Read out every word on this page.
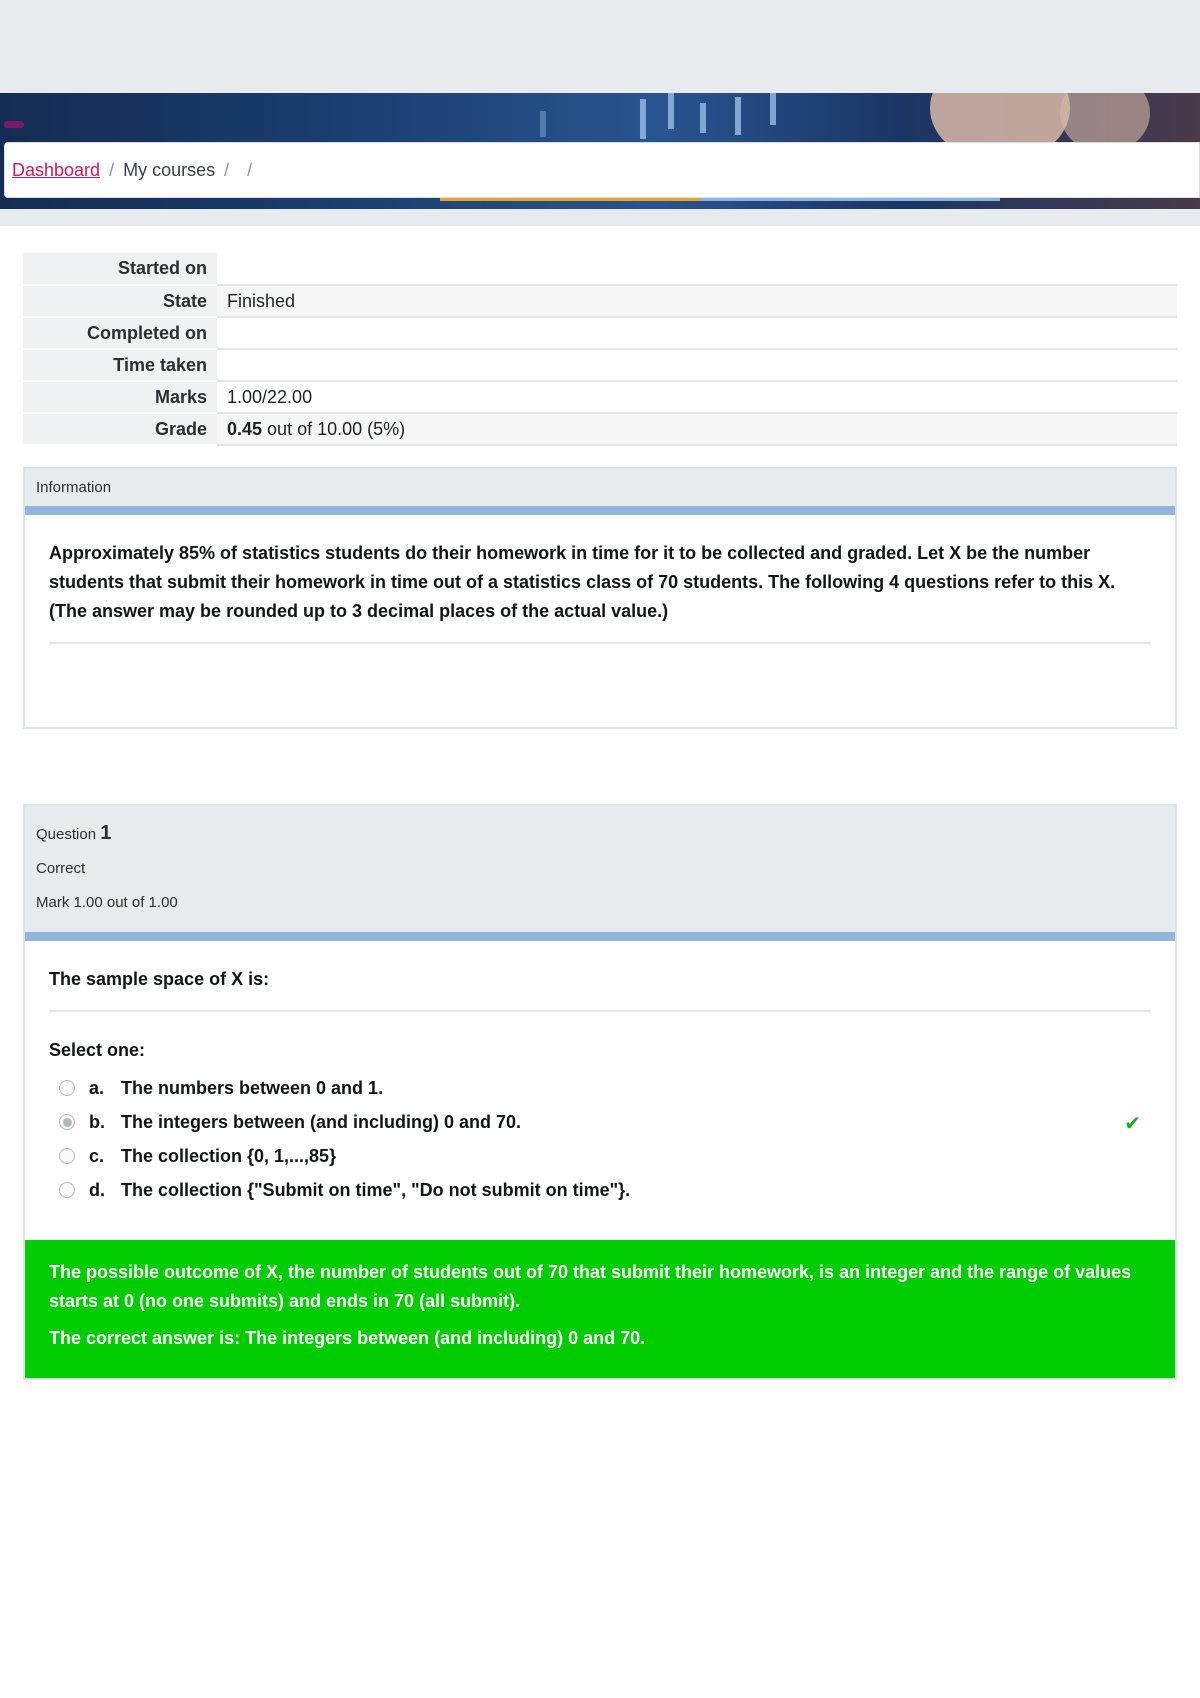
Dashboard / My courses / /
Started on	
State	Finished
Completed on	
Time taken	
Marks	1.00/22.00
Grade	0.45 out of 10.00 (5%)
Information
Approximately 85% of statistics students do their homework in time for it to be collected and graded. Let X be the number students that submit their homework in time out of a statistics class of 70 students. The following 4 questions refer to this X. (The answer may be rounded up to 3 decimal places of the actual value.)
Question 1
Correct
Mark 1.00 out of 1.00
The sample space of X is:
Select one:
a. The numbers between 0 and 1.
b. The integers between (and including) 0 and 70.	✔
c. The collection {0, 1,...,85}
d. The collection {"Submit on time", "Do not submit on time"}.

The possible outcome of X, the number of students out of 70 that submit their homework, is an integer and the range of values starts at 0 (no one submits) and ends in 70 (all submit).

The correct answer is: The integers between (and including) 0 and 70.
